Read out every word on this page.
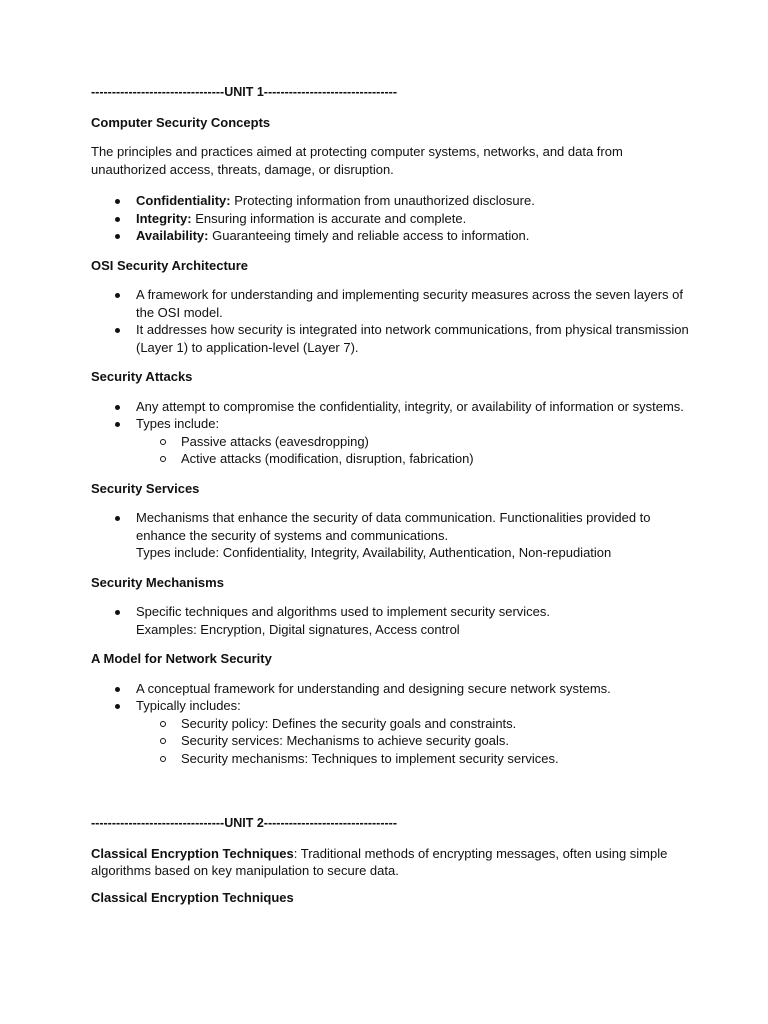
--------------------------------UNIT 1--------------------------------

Computer Security Concepts

The principles and practices aimed at protecting computer systems, networks, and data from unauthorized access, threats, damage, or disruption.

Confidentiality: Protecting information from unauthorized disclosure.
Integrity: Ensuring information is accurate and complete.
Availability: Guaranteeing timely and reliable access to information.

OSI Security Architecture

A framework for understanding and implementing security measures across the seven layers of the OSI model.
It addresses how security is integrated into network communications, from physical transmission (Layer 1) to application-level (Layer 7).

Security Attacks

Any attempt to compromise the confidentiality, integrity, or availability of information or systems.
Types include:
Passive attacks (eavesdropping)
Active attacks (modification, disruption, fabrication)

Security Services

Mechanisms that enhance the security of data communication. Functionalities provided to enhance the security of systems and communications.
Types include: Confidentiality, Integrity, Availability, Authentication, Non-repudiation

Security Mechanisms

Specific techniques and algorithms used to implement security services.
Examples: Encryption, Digital signatures, Access control

A Model for Network Security

A conceptual framework for understanding and designing secure network systems.
Typically includes:
Security policy: Defines the security goals and constraints.
Security services: Mechanisms to achieve security goals.
Security mechanisms: Techniques to implement security services.

--------------------------------UNIT 2--------------------------------

Classical Encryption Techniques: Traditional methods of encrypting messages, often using simple algorithms based on key manipulation to secure data.

Classical Encryption Techniques
